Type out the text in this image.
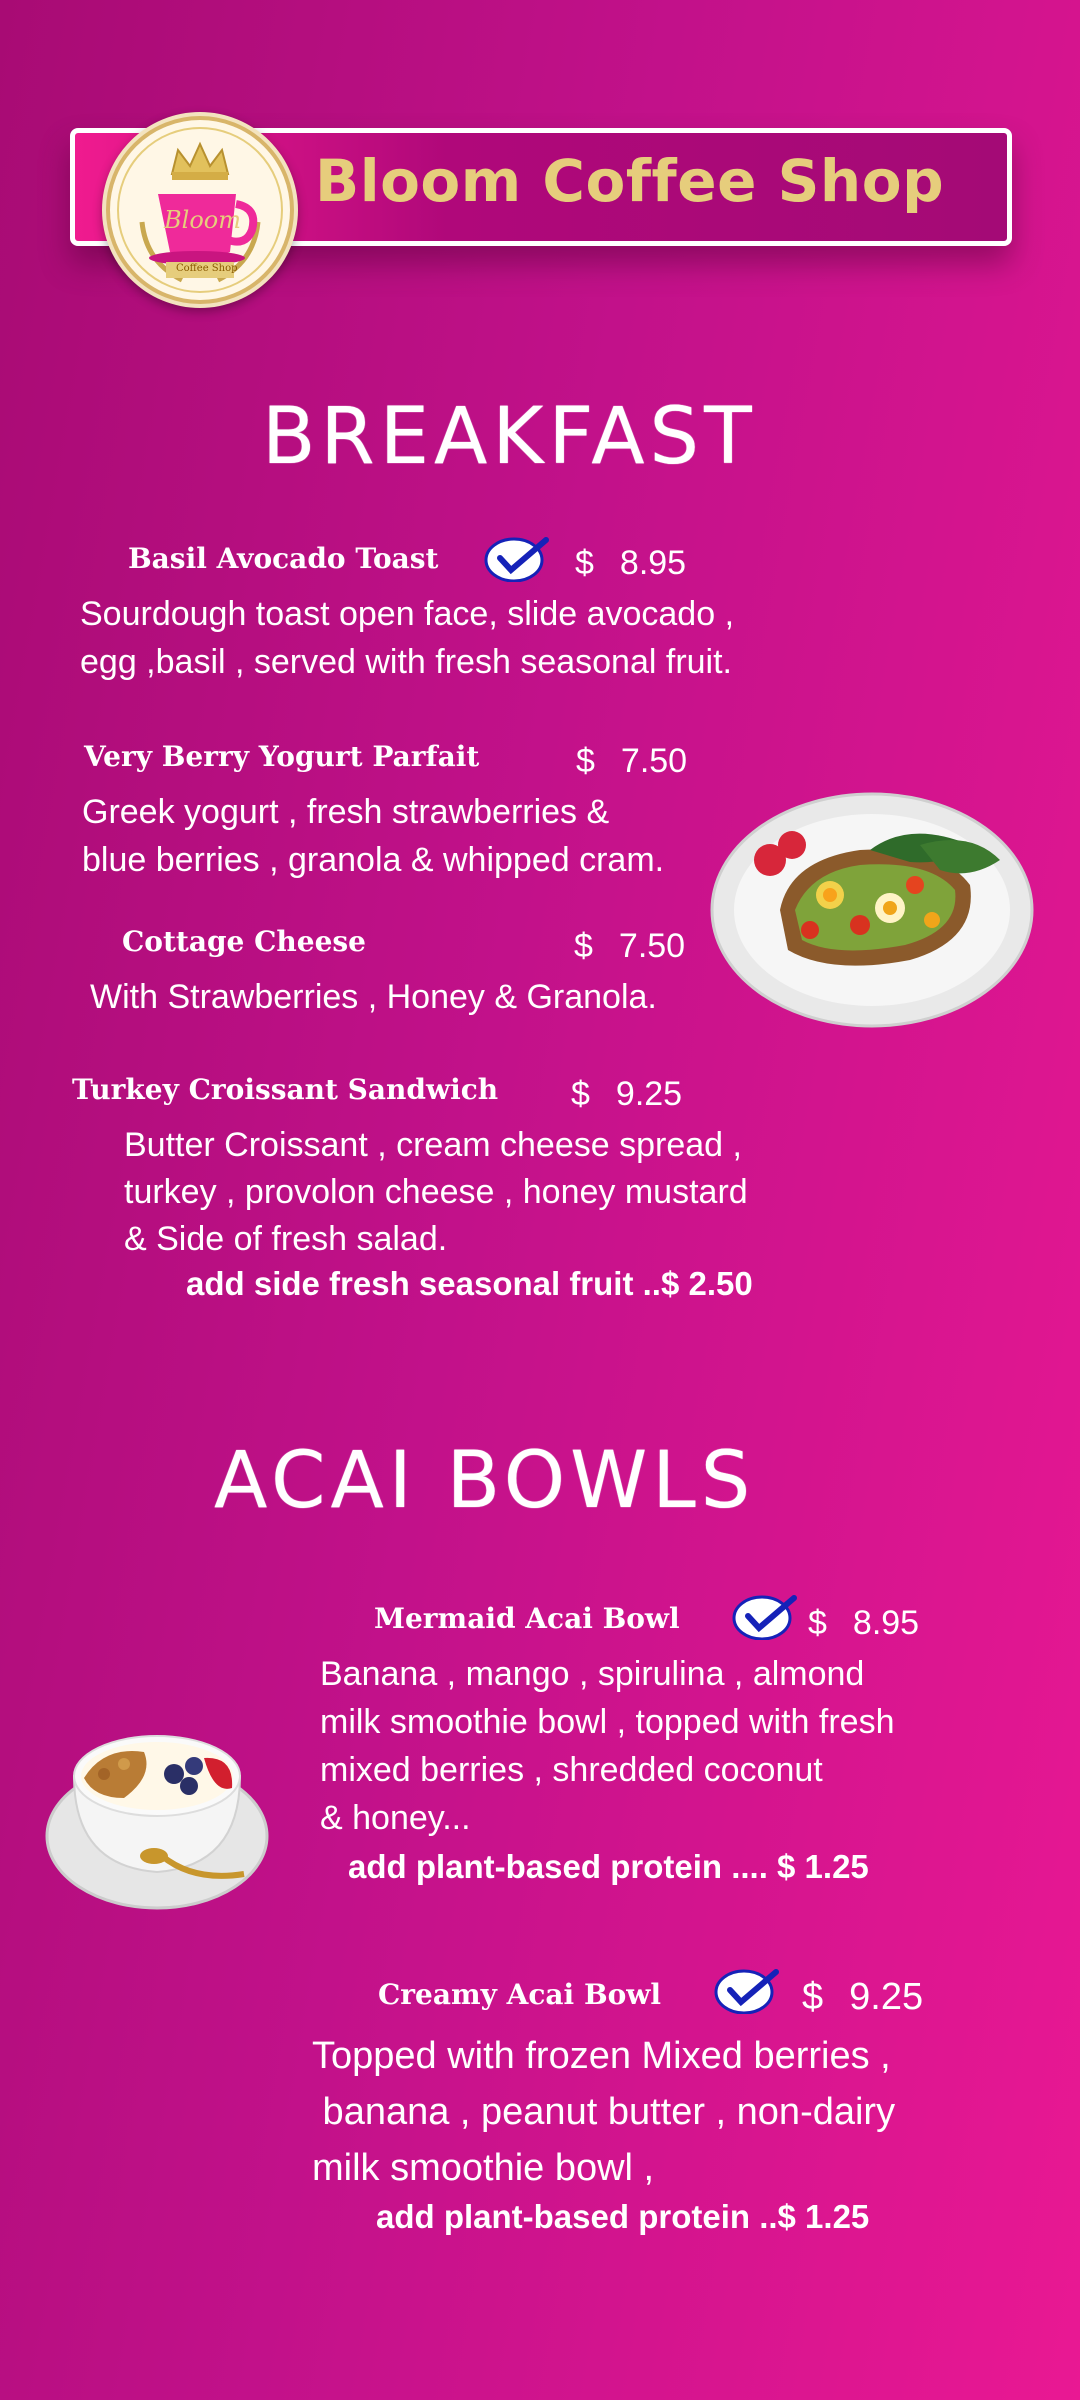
Bloom Coffee Shop
Bloom
Coffee Shop
BREAKFAST
Basil Avocado Toast	$ 8.95

Sourdough toast open face, slide avocado ,

egg ,basil , served with fresh seasonal fruit.

Very Berry Yogurt Parfait	$ 7.50

Greek yogurt , fresh strawberries &

blue berries , granola & whipped cram.

Cottage Cheese	$ 7.50

With Strawberries , Honey & Granola.

Turkey Croissant Sandwich $ 9.25

Butter Croissant , cream cheese spread ,

turkey , provolon cheese , honey mustard

& Side of fresh salad.

add side fresh seasonal fruit ..$ 2.50
ACAI BOWLS
Mermaid Acai Bowl	$ 8.95

Banana , mango , spirulina , almond

milk smoothie bowl , topped with fresh

mixed berries , shredded coconut

& honey...

add plant-based protein .... $ 1.25
Creamy Acai Bowl	$ 9.25

Topped with frozen Mixed berries ,

banana , peanut butter , non-dairy

milk smoothie bowl ,

add plant-based protein ..$ 1.25
